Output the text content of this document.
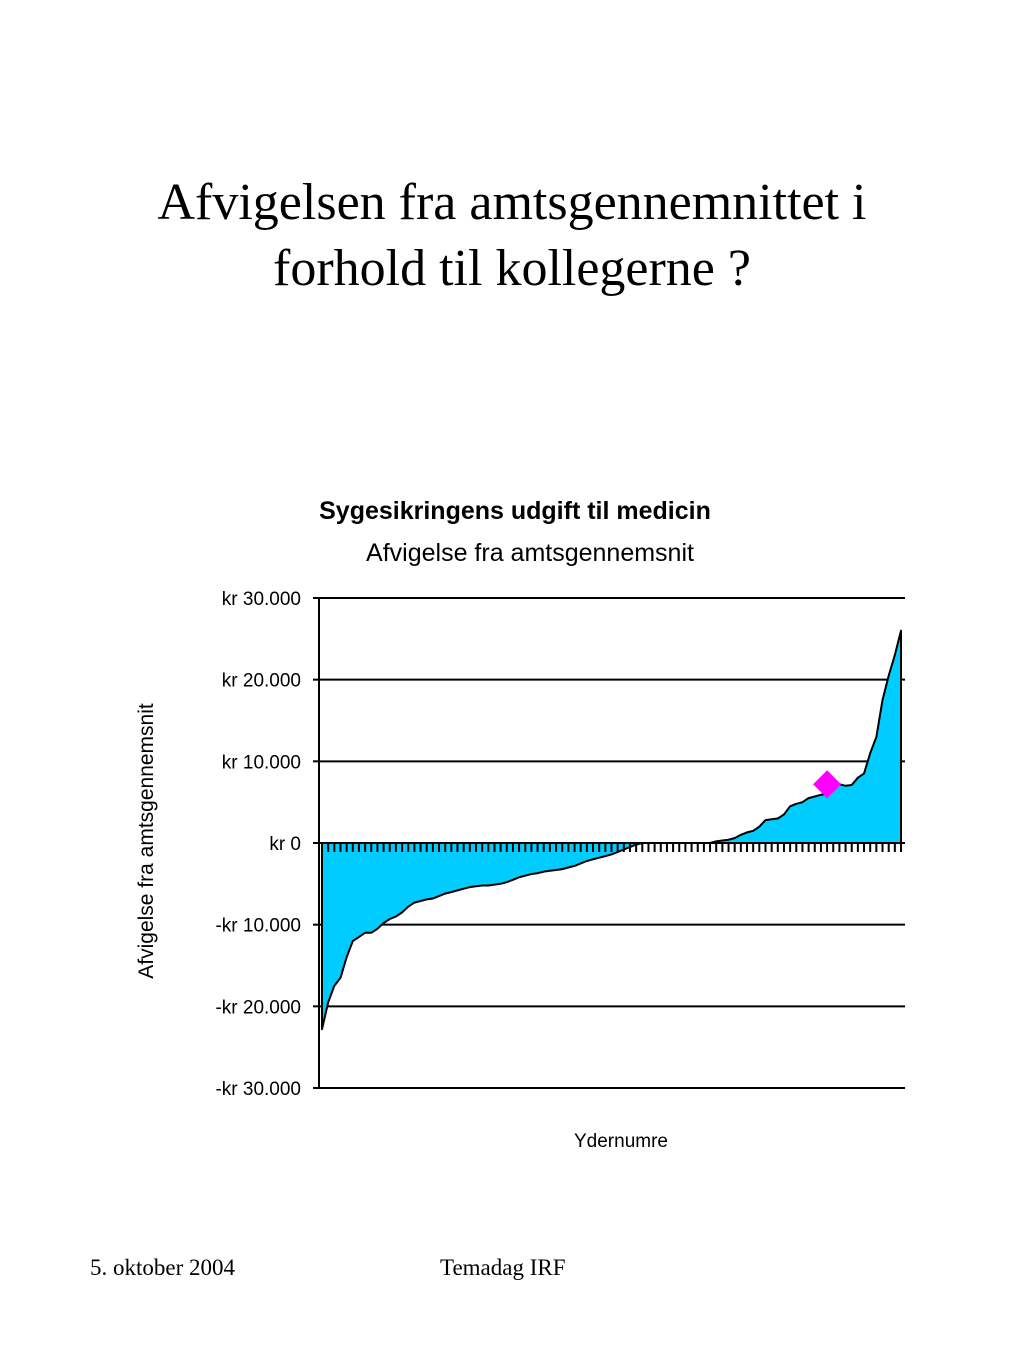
Afvigelsen fra amtsgennemnittet i
forhold til kollegerne ?
Sygesikringens udgift til medicin
Afvigelse fra amtsgennemsnit
Afvigelse fra amtsgennemsnit
Ydernumre
kr 30.000
kr 20.000
kr 10.000
kr 0
-kr 10.000
-kr 20.000
-kr 30.000
5. oktober 2004	Temadag IRF
